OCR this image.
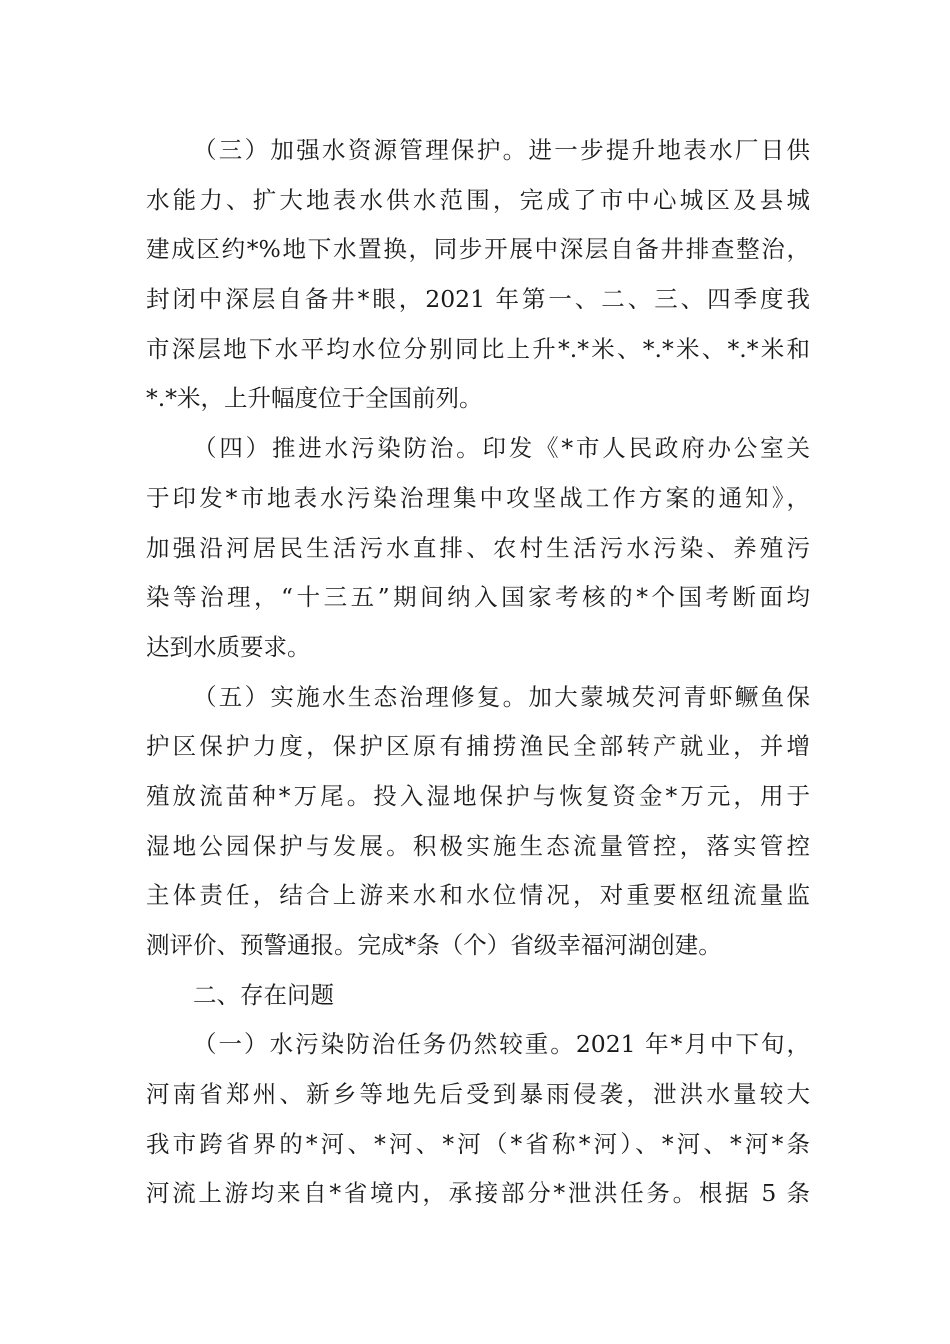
（三）加强水资源管理保护。进一步提升地表水厂日供
水能力、扩大地表水供水范围，完成了市中心城区及县城
建成区约*%地下水置换，同步开展中深层自备井排查整治，
封闭中深层自备井*眼，2021 年第一、二、三、四季度我
市深层地下水平均水位分别同比上升*.*米、*.*米、*.*米和
*.*米，上升幅度位于全国前列。
（四）推进水污染防治。印发《*市人民政府办公室关
于印发*市地表水污染治理集中攻坚战工作方案的通知》，
加强沿河居民生活污水直排、农村生活污水污染、养殖污
染等治理，“十三五”期间纳入国家考核的*个国考断面均
达到水质要求。
（五）实施水生态治理修复。加大蒙城芡河青虾鳜鱼保
护区保护力度，保护区原有捕捞渔民全部转产就业，并增
殖放流苗种*万尾。投入湿地保护与恢复资金*万元，用于
湿地公园保护与发展。积极实施生态流量管控，落实管控
主体责任，结合上游来水和水位情况，对重要枢纽流量监
测评价、预警通报。完成*条（个）省级幸福河湖创建。
二、存在问题
（一）水污染防治任务仍然较重。2021 年*月中下旬，
河南省郑州、新乡等地先后受到暴雨侵袭，泄洪水量较大
我市跨省界的*河、*河、*河（*省称*河）、*河、*河*条
河流上游均来自*省境内，承接部分*泄洪任务。根据 5 条
